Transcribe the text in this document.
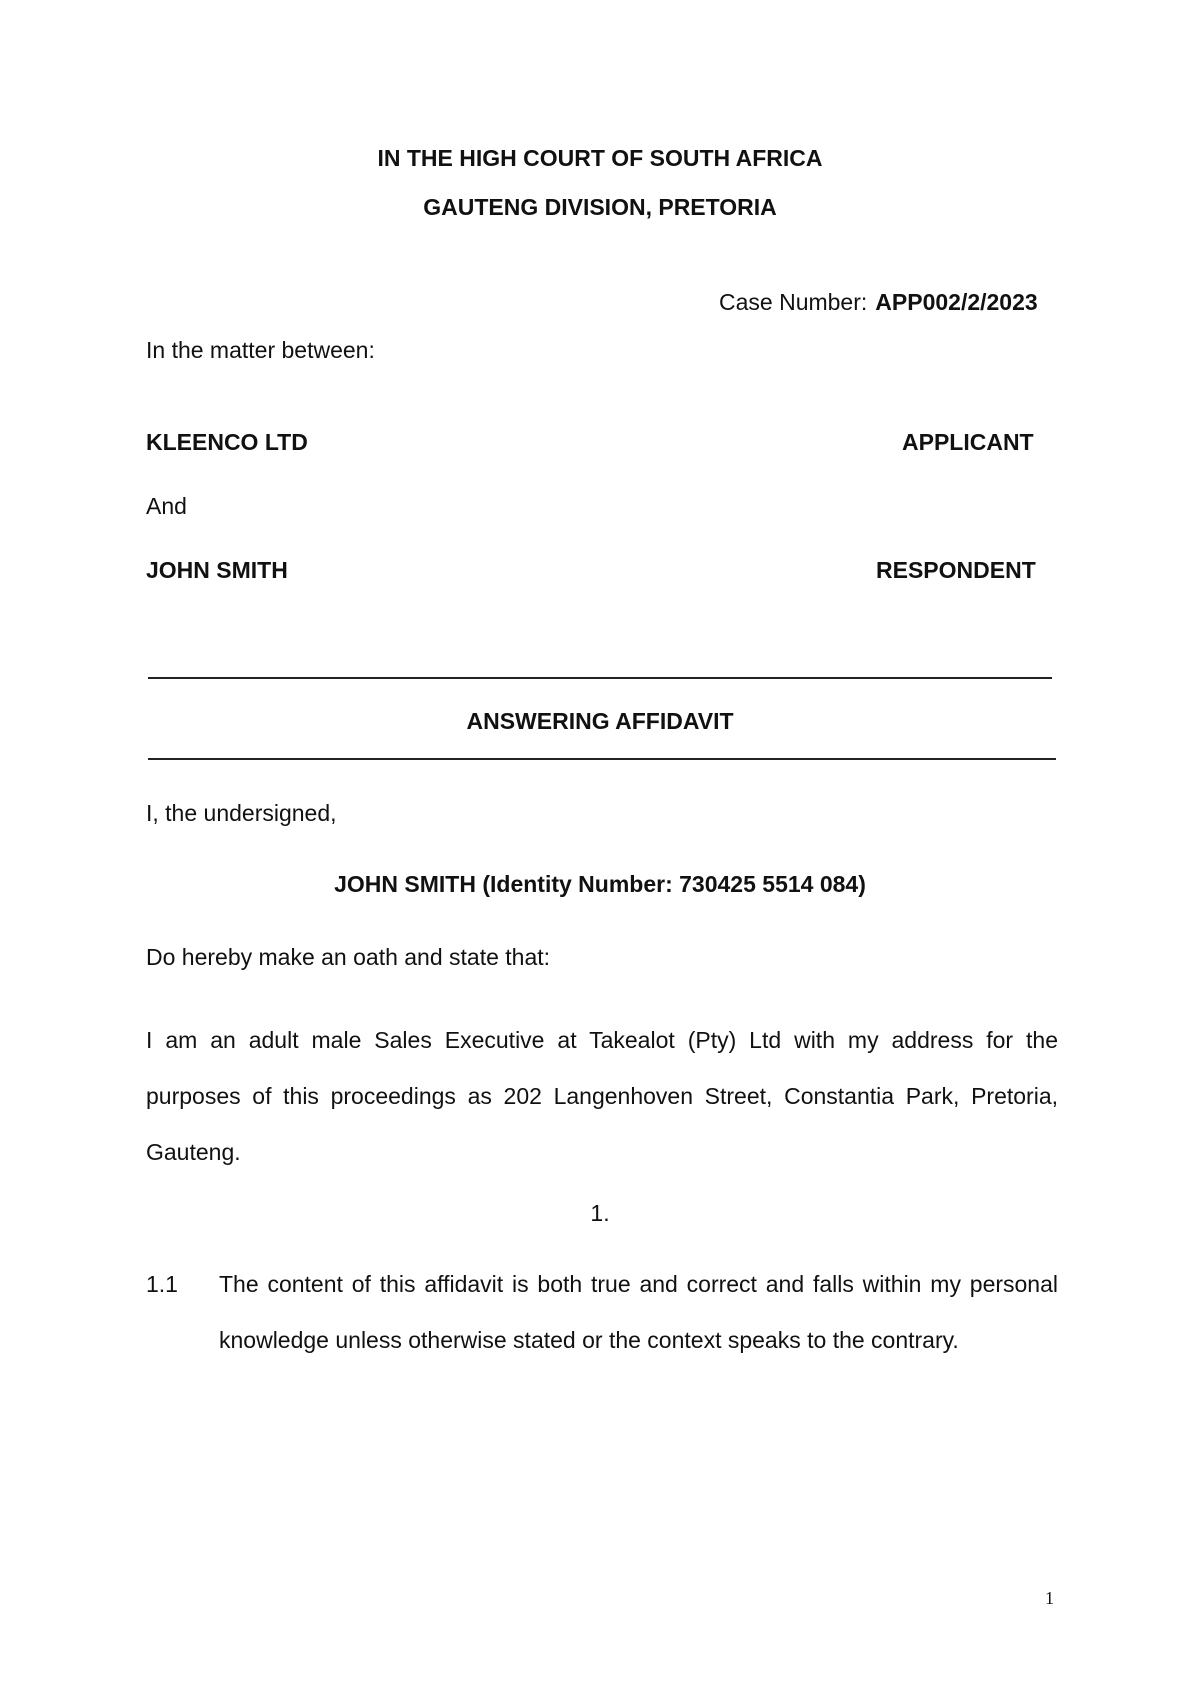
IN THE HIGH COURT OF SOUTH AFRICA
GAUTENG DIVISION, PRETORIA
Case Number: APP002/2/2023
In the matter between:
KLEENCO LTD	APPLICANT
And
JOHN SMITH	RESPONDENT
ANSWERING AFFIDAVIT
I, the undersigned,
JOHN SMITH (Identity Number: 730425 5514 084)
Do hereby make an oath and state that:
I am an adult male Sales Executive at Takealot (Pty) Ltd with my address for the purposes of this proceedings as 202 Langenhoven Street, Constantia Park, Pretoria, Gauteng.
1.
1.1 The content of this affidavit is both true and correct and falls within my personal knowledge unless otherwise stated or the context speaks to the contrary.
1
